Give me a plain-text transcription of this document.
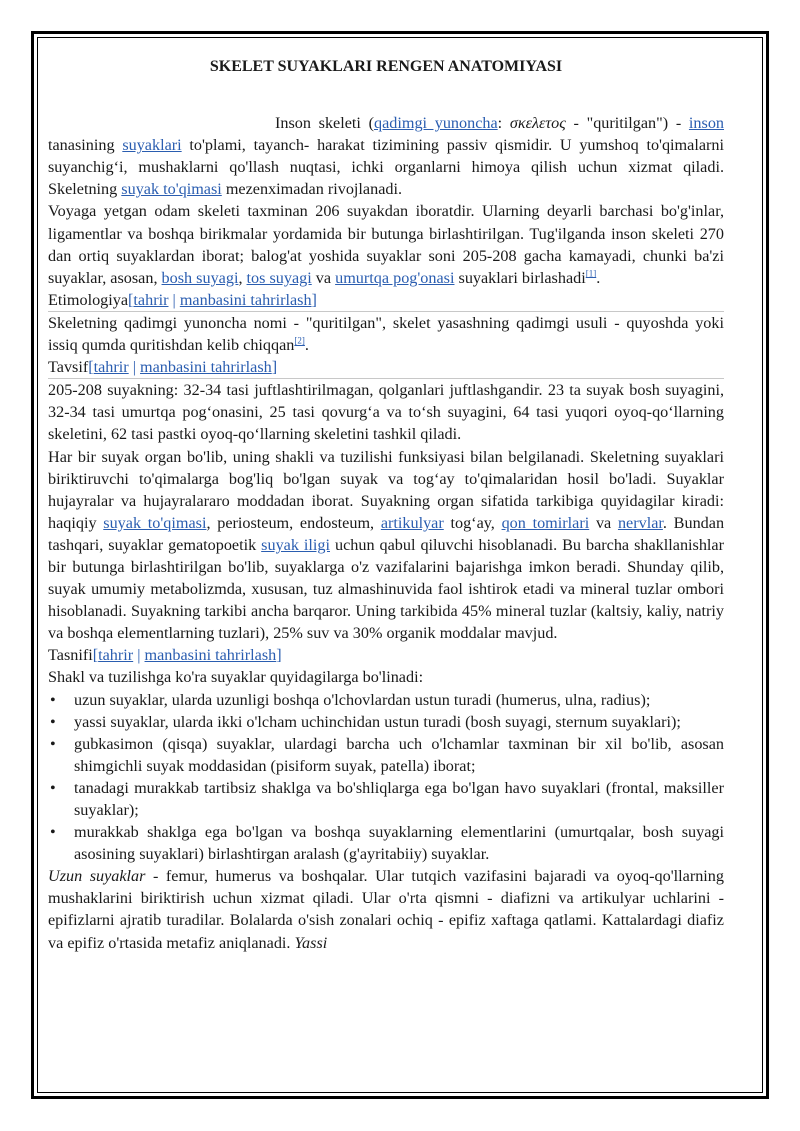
SKELET SUYAKLARI RENGEN ANATOMIYASI

Inson skeleti (qadimgi yunoncha: σκελετος - "quritilgan") - inson tanasining suyaklari to'plami, tayanch- harakat tizimining passiv qismidir. U yumshoq to'qimalarni suyanchig‘i, mushaklarni qo'llash nuqtasi, ichki organlarni himoya qilish uchun xizmat qiladi. Skeletning suyak to'qimasi mezenximadan rivojlanadi.

Voyaga yetgan odam skeleti taxminan 206 suyakdan iboratdir. Ularning deyarli barchasi bo'g'inlar, ligamentlar va boshqa birikmalar yordamida bir butunga birlashtirilgan. Tug'ilganda inson skeleti 270 dan ortiq suyaklardan iborat; balog'at yoshida suyaklar soni 205-208 gacha kamayadi, chunki ba'zi suyaklar, asosan, bosh suyagi, tos suyagi va umurtqa pog'onasi suyaklari birlashadi[1].

Etimologiya[tahrir | manbasini tahrirlash]

Skeletning qadimgi yunoncha nomi - "quritilgan", skelet yasashning qadimgi usuli - quyoshda yoki issiq qumda quritishdan kelib chiqqan[2].

Tavsif[tahrir | manbasini tahrirlash]

205-208 suyakning: 32-34 tasi juftlashtirilmagan, qolganlari juftlashgandir. 23 ta suyak bosh suyagini, 32-34 tasi umurtqa pog‘onasini, 25 tasi qovurg‘a va to‘sh suyagini, 64 tasi yuqori oyoq-qo‘llarning skeletini, 62 tasi pastki oyoq-qo‘llarning skeletini tashkil qiladi.

Har bir suyak organ bo'lib, uning shakli va tuzilishi funksiyasi bilan belgilanadi. Skeletning suyaklari biriktiruvchi to'qimalarga bog'liq bo'lgan suyak va tog‘ay to'qimalaridan hosil bo'ladi. Suyaklar hujayralar va hujayralararo moddadan iborat. Suyakning organ sifatida tarkibiga quyidagilar kiradi: haqiqiy suyak to'qimasi, periosteum, endosteum, artikulyar tog‘ay, qon tomirlari va nervlar. Bundan tashqari, suyaklar gematopoetik suyak iligi uchun qabul qiluvchi hisoblanadi. Bu barcha shakllanishlar bir butunga birlashtirilgan bo'lib, suyaklarga o'z vazifalarini bajarishga imkon beradi. Shunday qilib, suyak umumiy metabolizmda, xususan, tuz almashinuvida faol ishtirok etadi va mineral tuzlar ombori hisoblanadi. Suyakning tarkibi ancha barqaror. Uning tarkibida 45% mineral tuzlar (kaltsiy, kaliy, natriy va boshqa elementlarning tuzlari), 25% suv va 30% organik moddalar mavjud.

Tasnifi[tahrir | manbasini tahrirlash]

Shakl va tuzilishga ko'ra suyaklar quyidagilarga bo'linadi:

• uzun suyaklar, ularda uzunligi boshqa o'lchovlardan ustun turadi (humerus, ulna, radius);
• yassi suyaklar, ularda ikki o'lcham uchinchidan ustun turadi (bosh suyagi, sternum suyaklari);
• gubkasimon (qisqa) suyaklar, ulardagi barcha uch o'lchamlar taxminan bir xil bo'lib, asosan shimgichli suyak moddasidan (pisiform suyak, patella) iborat;
• tanadagi murakkab tartibsiz shaklga va bo'shliqlarga ega bo'lgan havo suyaklari (frontal, maksiller suyaklar);
• murakkab shaklga ega bo'lgan va boshqa suyaklarning elementlarini (umurtqalar, bosh suyagi asosining suyaklari) birlashtirgan aralash (g'ayritabiiy) suyaklar.

Uzun suyaklar - femur, humerus va boshqalar. Ular tutqich vazifasini bajaradi va oyoq-qo'llarning mushaklarini biriktirish uchun xizmat qiladi. Ular o'rta qismni - diafizni va artikulyar uchlarini - epifizlarni ajratib turadilar. Bolalarda o'sish zonalari ochiq - epifiz xaftaga qatlami. Kattalardagi diafiz va epifiz o'rtasida metafiz aniqlanadi. Yassi
